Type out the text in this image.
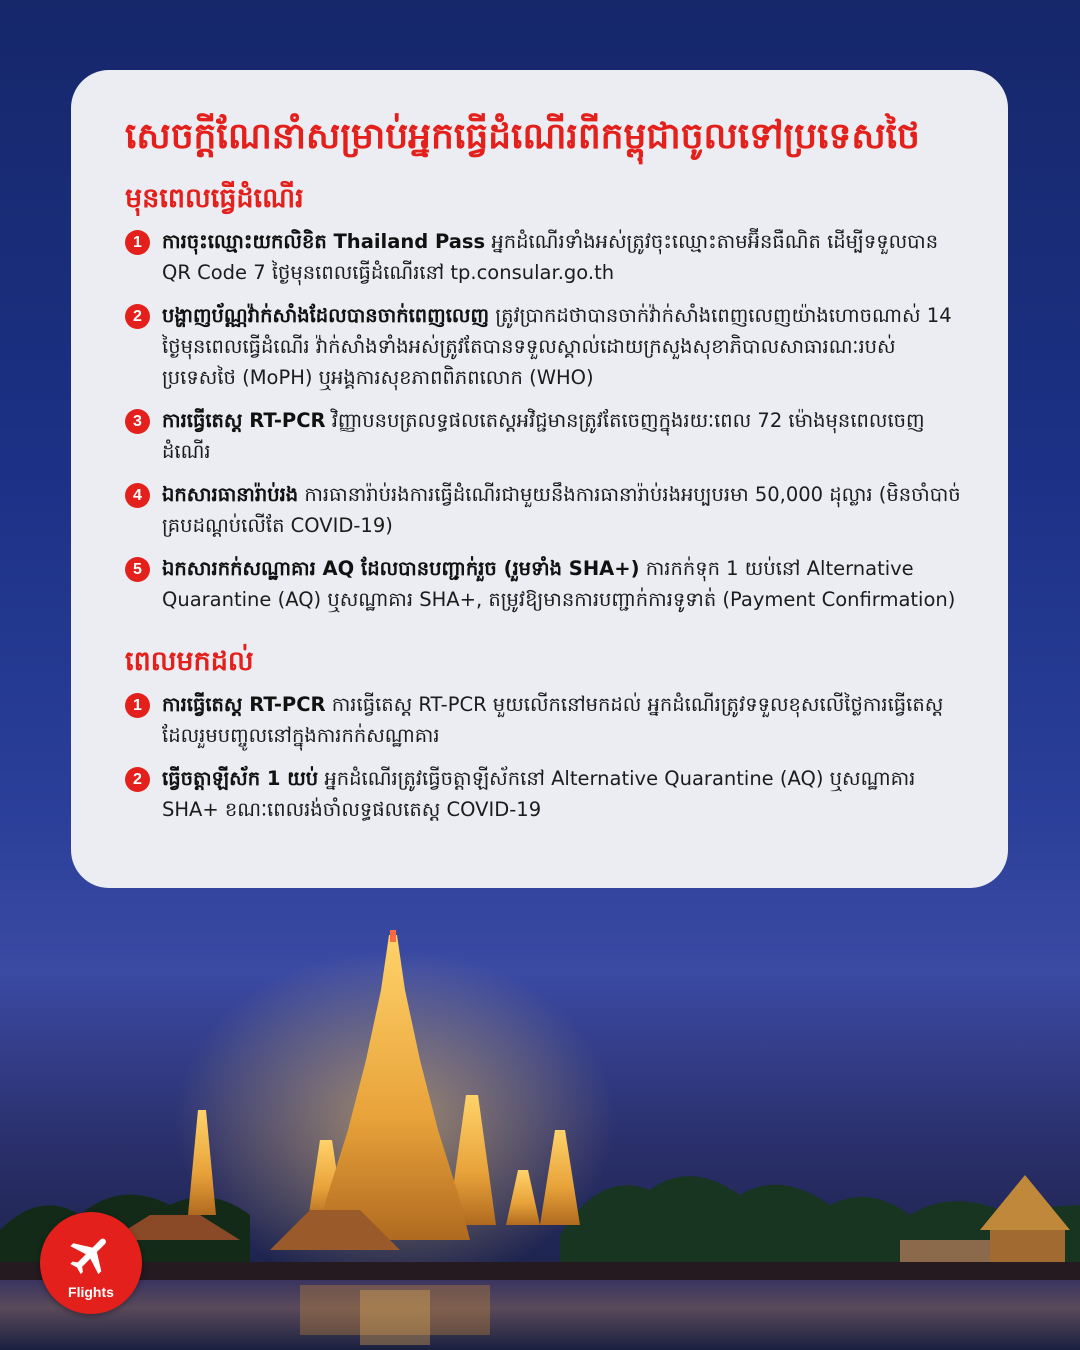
សេចក្តីណែនាំសម្រាប់អ្នកធ្វើដំណើរពីកម្ពុជាចូលទៅប្រទេសថៃ
មុនពេលធ្វើដំណើរ
1	ការចុះឈ្មោះយកលិខិត Thailand Pass អ្នកដំណើរទាំងអស់ត្រូវចុះឈ្មោះតាមអ៊ីនធឺណិត ដើម្បីទទួលបាន QR Code 7 ថ្ងៃមុនពេលធ្វើដំណើរនៅ tp.consular.go.th
2	បង្ហាញប័ណ្ណវ៉ាក់សាំងដែលបានចាក់ពេញលេញ ត្រូវប្រាកដថាបានចាក់វ៉ាក់សាំងពេញលេញយ៉ាងហោចណាស់ 14 ថ្ងៃមុនពេលធ្វើដំណើរ វ៉ាក់សាំងទាំងអស់ត្រូវតែបានទទួលស្គាល់ដោយក្រសួងសុខាភិបាលសាធារណៈរបស់ប្រទេសថៃ (MoPH) ឬអង្គការសុខភាពពិភពលោក (WHO)
3	ការធ្វើតេស្ត RT-PCR វិញ្ញាបនបត្រលទ្ធផលតេស្តអវិជ្ជមានត្រូវតែចេញក្នុងរយៈពេល 72 ម៉ោងមុនពេលចេញដំណើរ
4	ឯកសារធានារ៉ាប់រង ការធានារ៉ាប់រងការធ្វើដំណើរជាមួយនឹងការធានារ៉ាប់រងអប្បបរមា 50,000 ដុល្លារ (មិនចាំបាច់គ្របដណ្តប់លើតែ COVID-19)
5	ឯកសារកក់សណ្ឋាគារ AQ ដែលបានបញ្ជាក់រួច (រួមទាំង SHA+) ការកក់ទុក 1 យប់នៅ Alternative Quarantine (AQ) ឬសណ្ឋាគារ SHA+, តម្រូវឱ្យមានការបញ្ជាក់ការទូទាត់ (Payment Confirmation)
ពេលមកដល់
1	ការធ្វើតេស្ត RT-PCR ការធ្វើតេស្ត RT-PCR មួយលើកនៅមកដល់ អ្នកដំណើរត្រូវទទួលខុសលើថ្លៃការធ្វើតេស្ត ដែលរួមបញ្ចូលនៅក្នុងការកក់សណ្ឋាគារ
2	ធ្វើចត្តាឡីស័ក 1 យប់ អ្នកដំណើរត្រូវធ្វើចត្តាឡីស័កនៅ Alternative Quarantine (AQ) ឬសណ្ឋាគារ SHA+ ខណៈពេលរង់ចាំលទ្ធផលតេស្ត COVID-19
Flights
